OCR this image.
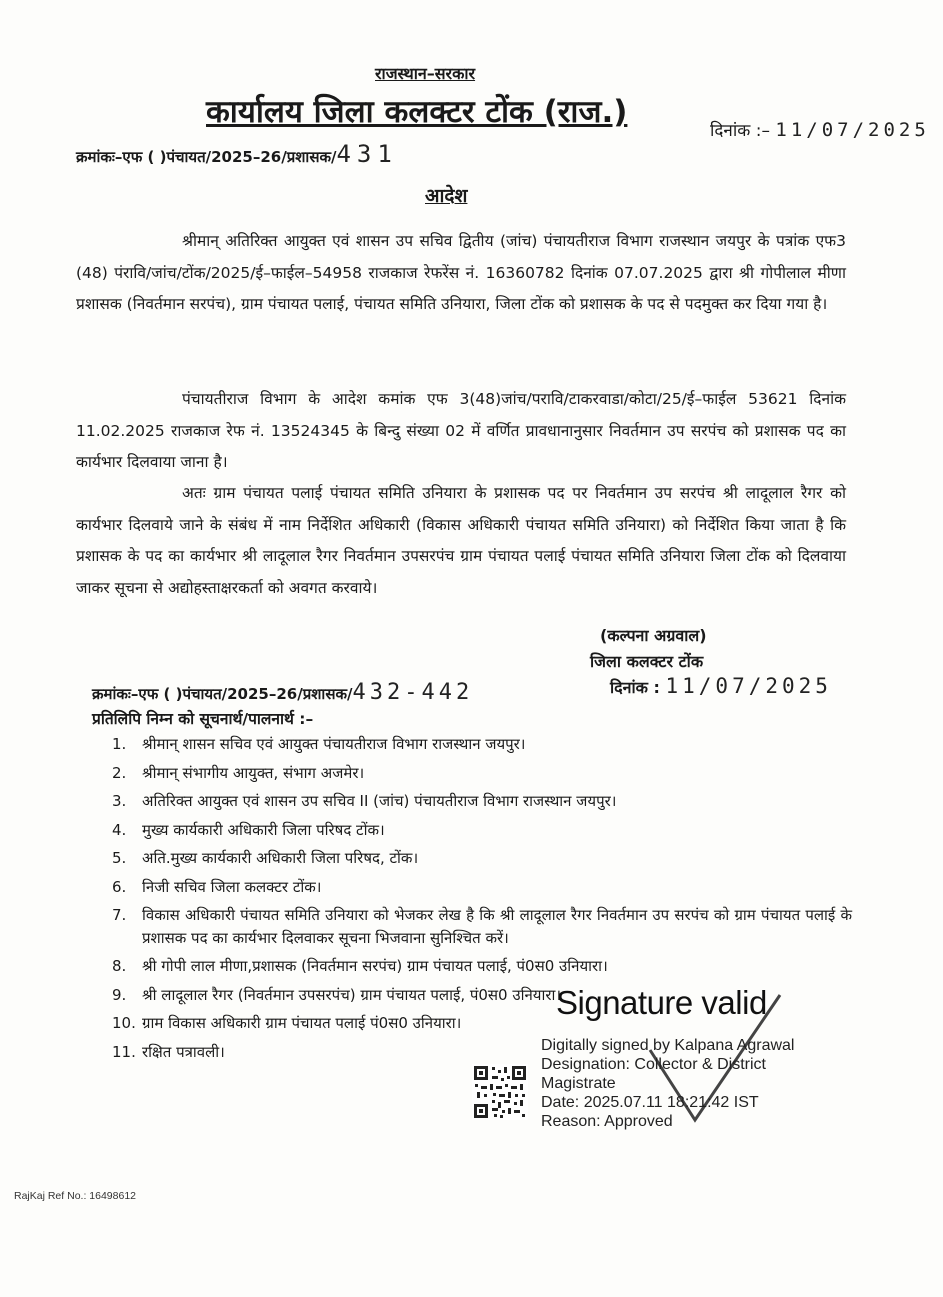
राजस्थान–सरकार
कार्यालय जिला कलक्टर टोंक (राज.)
दिनांक :– 11/07/2025
क्रमांकः–एफ ( )पंचायत/2025–26/प्रशासक/431
आदेश
श्रीमान् अतिरिक्त आयुक्त एवं शासन उप सचिव द्वितीय (जांच) पंचायतीराज विभाग राजस्थान जयपुर के पत्रांक एफ3 (48) पंरावि/जांच/टोंक/2025/ई–फाईल–54958 राजकाज रेफरेंस नं. 16360782 दिनांक 07.07.2025 द्वारा श्री गोपीलाल मीणा प्रशासक (निवर्तमान सरपंच), ग्राम पंचायत पलाई, पंचायत समिति उनियारा, जिला टोंक को प्रशासक के पद से पदमुक्त कर दिया गया है।
पंचायतीराज विभाग के आदेश कमांक एफ 3(48)जांच/परावि/टाकरवाडा/कोटा/25/ई–फाईल 53621 दिनांक 11.02.2025 राजकाज रेफ नं. 13524345 के बिन्दु संख्या 02 में वर्णित प्रावधानानुसार निवर्तमान उप सरपंच को प्रशासक पद का कार्यभार दिलवाया जाना है।
अतः ग्राम पंचायत पलाई पंचायत समिति उनियारा के प्रशासक पद पर निवर्तमान उप सरपंच श्री लादूलाल रैगर को कार्यभार दिलवाये जाने के संबंध में नाम निर्देशित अधिकारी (विकास अधिकारी पंचायत समिति उनियारा) को निर्देशित किया जाता है कि प्रशासक के पद का कार्यभार श्री लादूलाल रैगर निवर्तमान उपसरपंच ग्राम पंचायत पलाई पंचायत समिति उनियारा जिला टोंक को दिलवाया जाकर सूचना से अद्योहस्ताक्षरकर्ता को अवगत करवाये।
(कल्पना अग्रवाल)
जिला कलक्टर टोंक
क्रमांकः–एफ ( )पंचायत/2025–26/प्रशासक/432-442	दिनांक : 11/07/2025
प्रतिलिपि निम्न को सूचनार्थ/पालनार्थ :–
1.	श्रीमान् शासन सचिव एवं आयुक्त पंचायतीराज विभाग राजस्थान जयपुर।
2.	श्रीमान् संभागीय आयुक्त, संभाग अजमेर।
3.	अतिरिक्त आयुक्त एवं शासन उप सचिव II (जांच) पंचायतीराज विभाग राजस्थान जयपुर।
4.	मुख्य कार्यकारी अधिकारी जिला परिषद टोंक।
5.	अति.मुख्य कार्यकारी अधिकारी जिला परिषद, टोंक।
6.	निजी सचिव जिला कलक्टर टोंक।
7.	विकास अधिकारी पंचायत समिति उनियारा को भेजकर लेख है कि श्री लादूलाल रैगर निवर्तमान उप सरपंच को ग्राम पंचायत पलाई के प्रशासक पद का कार्यभार दिलवाकर सूचना भिजवाना सुनिश्चित करें।
8.	श्री गोपी लाल मीणा,प्रशासक (निवर्तमान सरपंच) ग्राम पंचायत पलाई, पं0स0 उनियारा।
9.	श्री लादूलाल रैगर (निवर्तमान उपसरपंच) ग्राम पंचायत पलाई, पं0स0 उनियारा।
10. ग्राम विकास अधिकारी ग्राम पंचायत पलाई पं0स0 उनियारा।
11. रक्षित पत्रावली।
Signature valid
Digitally signed by Kalpana Agrawal
Designation: Collector & District
Magistrate
Date: 2025.07.11 18:21:42 IST
Reason: Approved
RajKaj Ref No.: 16498612
